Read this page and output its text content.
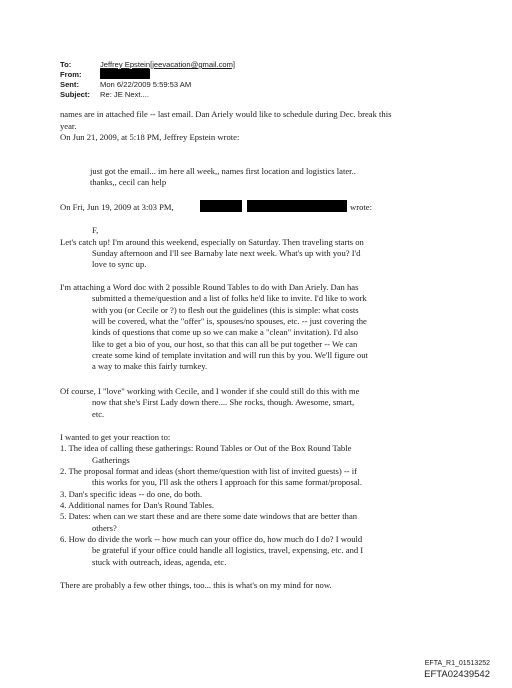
To:	Jeffrey Epstein[jeevacation@gmail.com]
From:
Sent:	Mon 6/22/2009 5:59:53 AM
Subject: Re: JE Next....
names are in attached file -- last email. Dan Ariely would like to schedule during Dec. break this
year.
On Jun 21, 2009, at 5:18 PM, Jeffrey Epstein wrote:
just got the email... im here all week,, names first location and logistics later..
thanks,, cecil can help
On Fri, Jun 19, 2009 at 3:03 PM,	wrote:
F,
Let's catch up! I'm around this weekend, especially on Saturday. Then traveling starts on
Sunday afternoon and I'll see Barnaby late next week. What's up with you? I'd
love to sync up.
I'm attaching a Word doc with 2 possible Round Tables to do with Dan Ariely. Dan has
submitted a theme/question and a list of folks he'd like to invite. I'd like to work
with you (or Cecile or ?) to flesh out the guidelines (this is simple: what costs
will be covered, what the "offer" is, spouses/no spouses, etc. -- just covering the
kinds of questions that come up so we can make a "clean" invitation). I'd also
like to get a bio of you, our host, so that this can all be put together -- We can
create some kind of template invitation and will run this by you. We'll figure out
a way to make this fairly turnkey.
Of course, I "love" working with Cecile, and I wonder if she could still do this with me
now that she's First Lady down there.... She rocks, though. Awesome, smart,
etc.
I wanted to get your reaction to:
1. The idea of calling these gatherings: Round Tables or Out of the Box Round Table
Gatherings
2. The proposal format and ideas (short theme/question with list of invited guests) -- if
this works for you, I'll ask the others I approach for this same format/proposal.
3. Dan's specific ideas -- do one, do both.
4. Additional names for Dan's Round Tables.
5. Dates: when can we start these and are there some date windows that are better than
others?
6. How do divide the work -- how much can your office do, how much do I do? I would
be grateful if your office could handle all logistics, travel, expensing, etc. and I
stuck with outreach, ideas, agenda, etc.
There are probably a few other things, too... this is what's on my mind for now.
EFTA_R1_01513252
EFTA02439542
